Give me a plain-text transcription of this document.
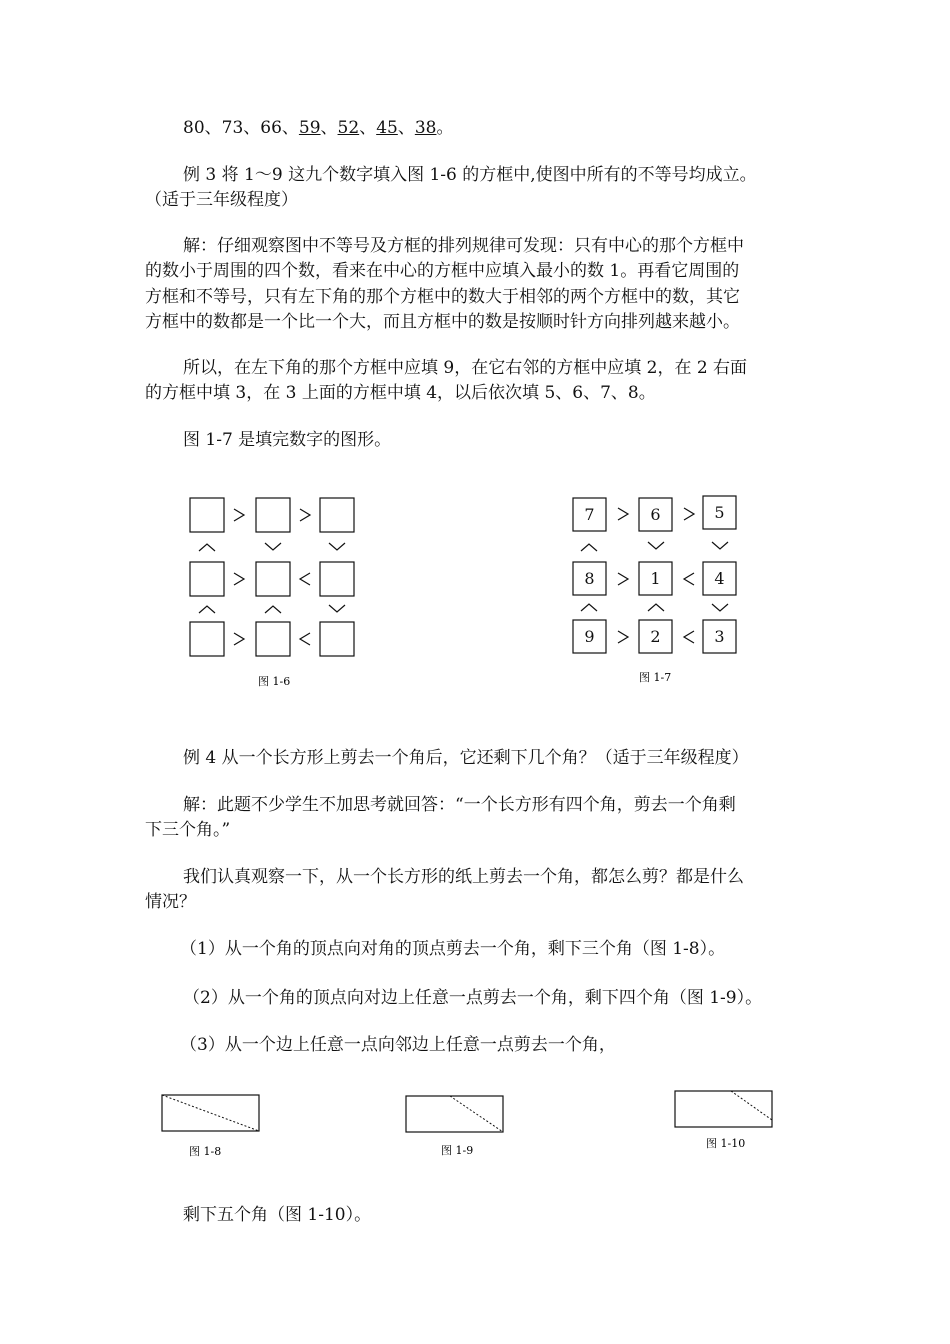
80、73、66、59、52、45、38。

例 3 将 1～9 这九个数字填入图 1-6 的方框中,使图中所有的不等号均成立。

（适于三年级程度）

解：仔细观察图中不等号及方框的排列规律可发现：只有中心的那个方框中

的数小于周围的四个数，看来在中心的方框中应填入最小的数 1。再看它周围的

方框和不等号，只有左下角的那个方框中的数大于相邻的两个方框中的数，其它

方框中的数都是一个比一个大，而且方框中的数是按顺时针方向排列越来越小。

所以，在左下角的那个方框中应填 9，在它右邻的方框中应填 2，在 2 右面

的方框中填 3，在 3 上面的方框中填 4，以后依次填 5、6、7、8。

图 1-7 是填完数字的图形。

图 1-6
7	6	5
8	1	4
9	2	3
图 1-7

例 4 从一个长方形上剪去一个角后，它还剩下几个角？（适于三年级程度）

解：此题不少学生不加思考就回答：“一个长方形有四个角，剪去一个角剩

下三个角。”

我们认真观察一下，从一个长方形的纸上剪去一个角，都怎么剪？都是什么

情况？

（1）从一个角的顶点向对角的顶点剪去一个角，剩下三个角（图 1-8）。

（2）从一个角的顶点向对边上任意一点剪去一个角，剩下四个角（图 1-9）。

（3）从一个边上任意一点向邻边上任意一点剪去一个角，

图 1-8	图 1-9
图 1-10

剩下五个角（图 1-10）。
